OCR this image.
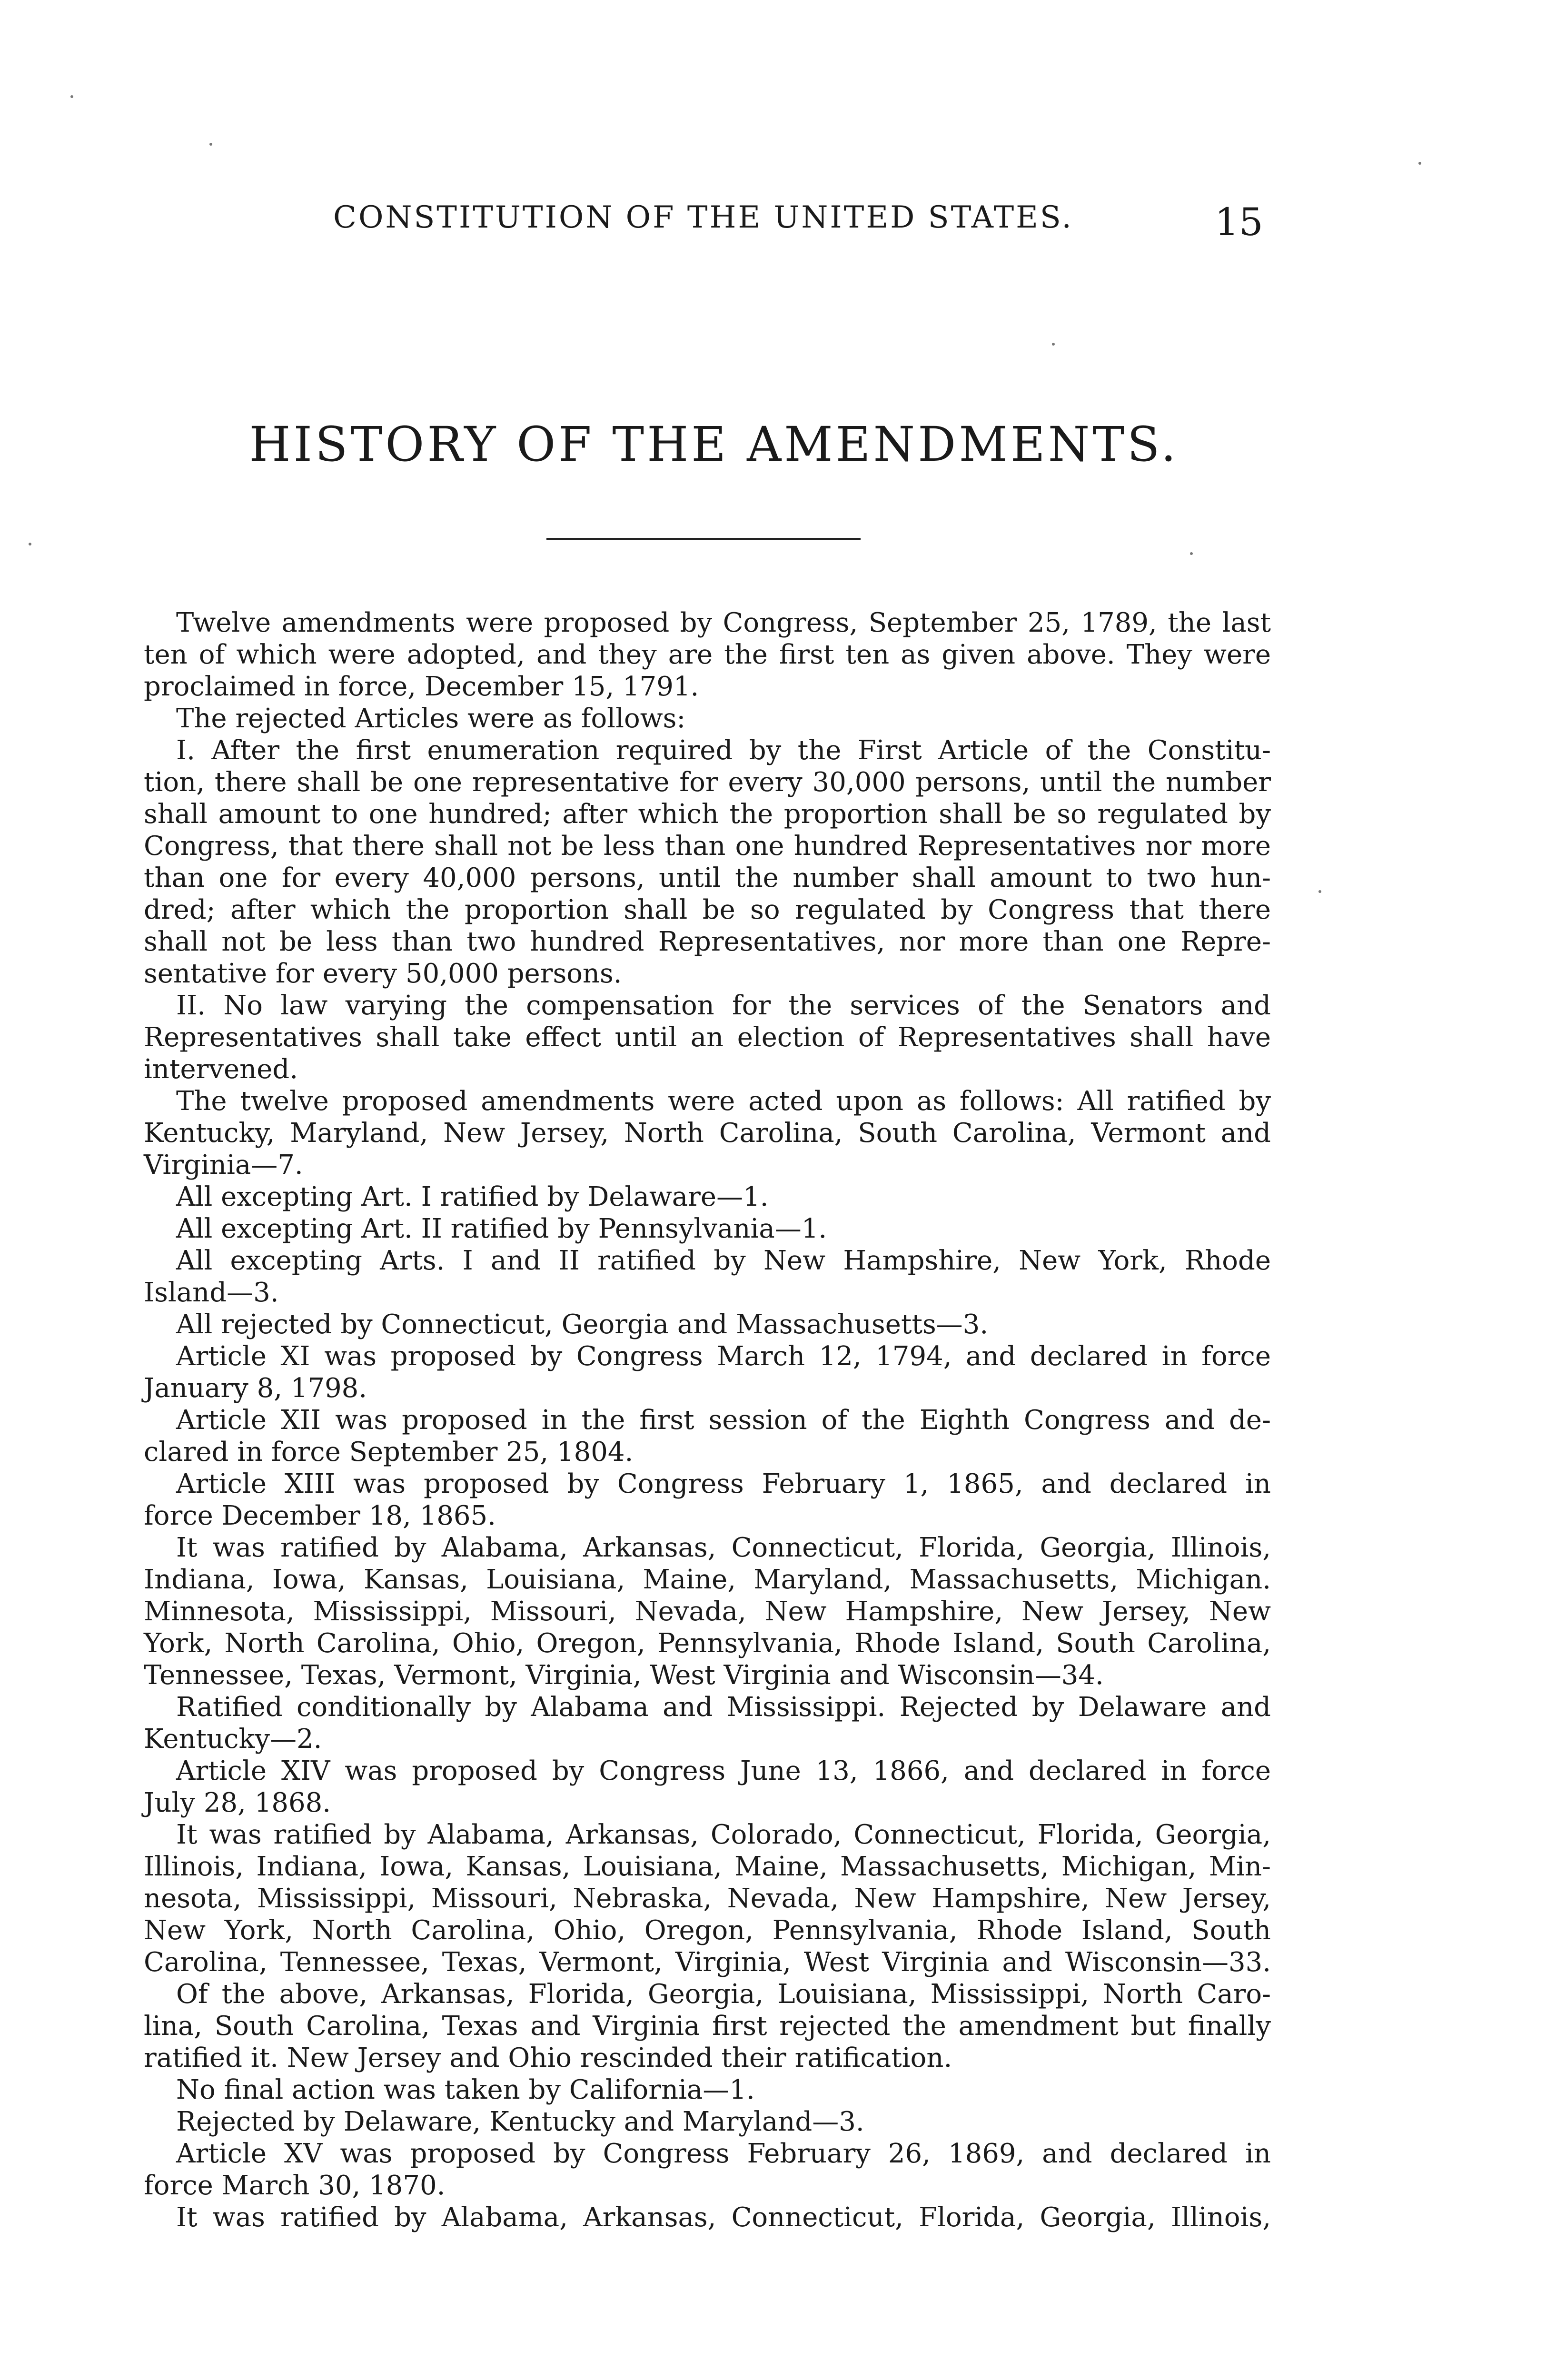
CONSTITUTION OF THE UNITED STATES.	15
HISTORY OF THE AMENDMENTS.
Twelve amendments were proposed by Congress, September 25, 1789, the last
ten of which were adopted, and they are the first ten as given above. They were
proclaimed in force, December 15, 1791.
The rejected Articles were as follows:
I. After the first enumeration required by the First Article of the Constitu-
tion, there shall be one representative for every 30,000 persons, until the number
shall amount to one hundred; after which the proportion shall be so regulated by
Congress, that there shall not be less than one hundred Representatives nor more
than one for every 40,000 persons, until the number shall amount to two hun-
dred; after which the proportion shall be so regulated by Congress that there
shall not be less than two hundred Representatives, nor more than one Repre-
sentative for every 50,000 persons.
II. No law varying the compensation for the services of the Senators and
Representatives shall take effect until an election of Representatives shall have
intervened.
The twelve proposed amendments were acted upon as follows: All ratified by
Kentucky, Maryland, New Jersey, North Carolina, South Carolina, Vermont and
Virginia—7.
All excepting Art. I ratified by Delaware—1.
All excepting Art. II ratified by Pennsylvania—1.
All excepting Arts. I and II ratified by New Hampshire, New York, Rhode
Island—3.
All rejected by Connecticut, Georgia and Massachusetts—3.
Article XI was proposed by Congress March 12, 1794, and declared in force
January 8, 1798.
Article XII was proposed in the first session of the Eighth Congress and de-
clared in force September 25, 1804.
Article XIII was proposed by Congress February 1, 1865, and declared in
force December 18, 1865.
It was ratified by Alabama, Arkansas, Connecticut, Florida, Georgia, Illinois,
Indiana, Iowa, Kansas, Louisiana, Maine, Maryland, Massachusetts, Michigan.
Minnesota, Mississippi, Missouri, Nevada, New Hampshire, New Jersey, New
York, North Carolina, Ohio, Oregon, Pennsylvania, Rhode Island, South Carolina,
Tennessee, Texas, Vermont, Virginia, West Virginia and Wisconsin—34.
Ratified conditionally by Alabama and Mississippi. Rejected by Delaware and
Kentucky—2.
Article XIV was proposed by Congress June 13, 1866, and declared in force
July 28, 1868.
It was ratified by Alabama, Arkansas, Colorado, Connecticut, Florida, Georgia,
Illinois, Indiana, Iowa, Kansas, Louisiana, Maine, Massachusetts, Michigan, Min-
nesota, Mississippi, Missouri, Nebraska, Nevada, New Hampshire, New Jersey,
New York, North Carolina, Ohio, Oregon, Pennsylvania, Rhode Island, South
Carolina, Tennessee, Texas, Vermont, Virginia, West Virginia and Wisconsin—33.
Of the above, Arkansas, Florida, Georgia, Louisiana, Mississippi, North Caro-
lina, South Carolina, Texas and Virginia first rejected the amendment but finally
ratified it. New Jersey and Ohio rescinded their ratification.
No final action was taken by California—1.
Rejected by Delaware, Kentucky and Maryland—3.
Article XV was proposed by Congress February 26, 1869, and declared in
force March 30, 1870.
It was ratified by Alabama, Arkansas, Connecticut, Florida, Georgia, Illinois,
